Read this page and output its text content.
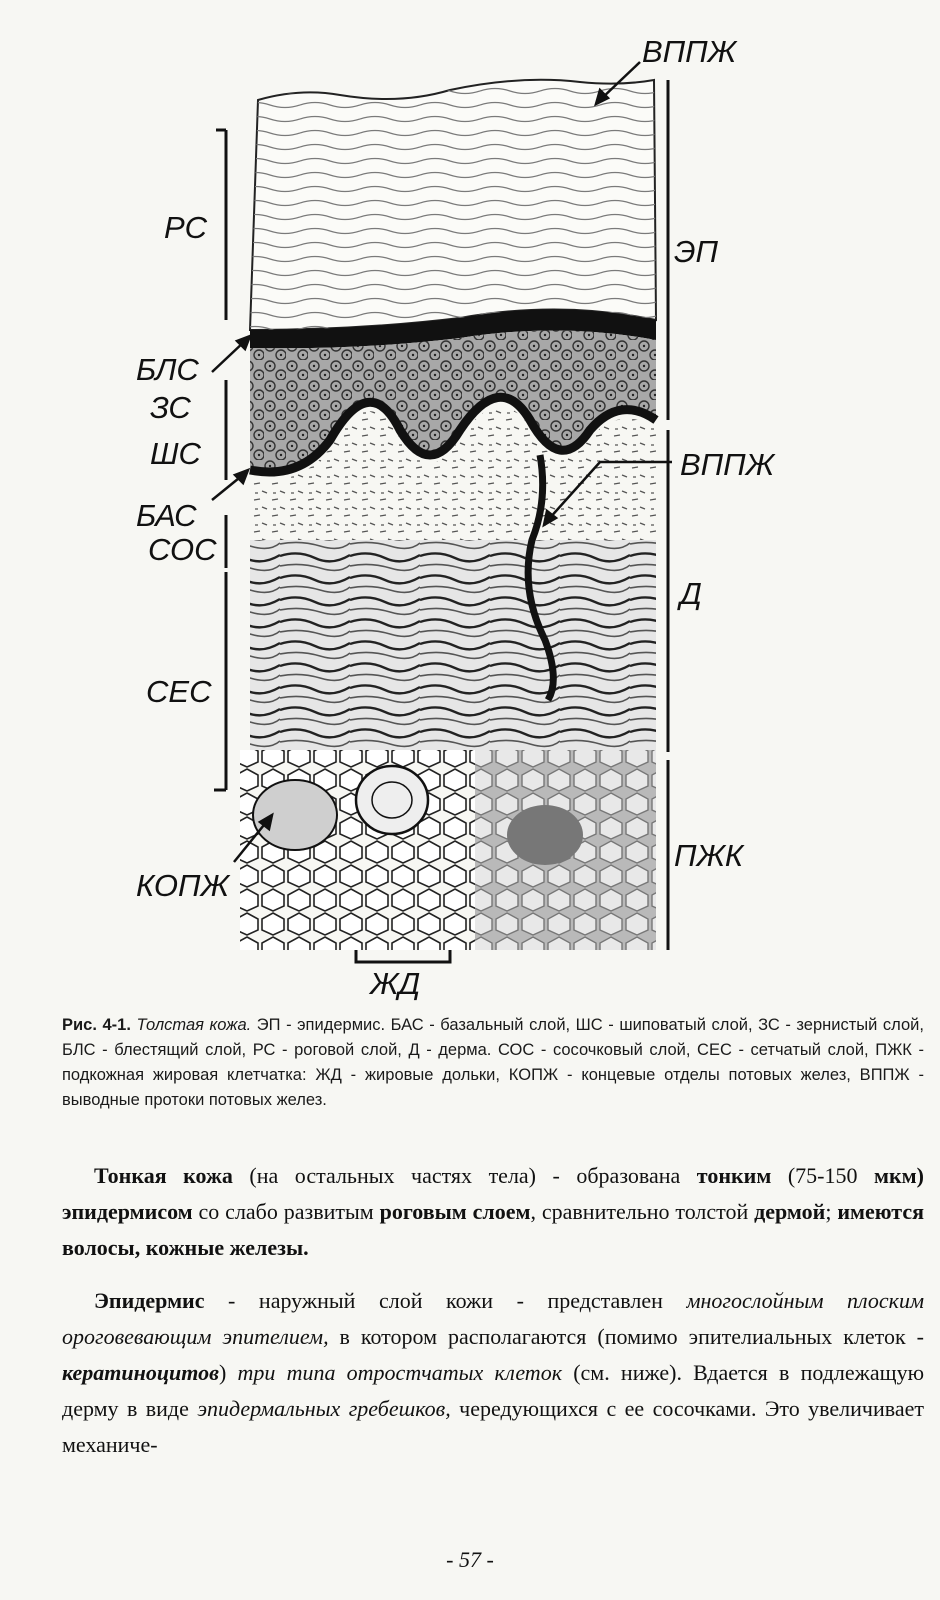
ВППЖ
РС
ЭП
БЛС
ЗС
ШС	ВППЖ
БАС
СОС
Д
СЕС
ПЖК
КОПЖ
ЖД
Рис. 4-1. Толстая кожа. ЭП - эпидермис. БАС - базальный слой, ШС - шиповатый слой, ЗС - зернистый слой, БЛС - блестящий слой, РС - роговой слой, Д - дерма. СОС - сосочковый слой, СЕС - сетчатый слой, ПЖК - подкожная жировая клетчатка: ЖД - жировые дольки, КОПЖ - концевые отделы потовых желез, ВППЖ - выводные протоки потовых желез.
Тонкая кожа (на остальных частях тела) - образована тонким (75-150 мкм) эпидермисом со слабо развитым роговым слоем, сравнительно толстой дермой; имеются волосы, кожные железы.
Эпидермис - наружный слой кожи - представлен многослойным плоским ороговевающим эпителием, в котором располагаются (помимо эпителиальных клеток - кератиноцитов) три типа отростчатых клеток (см. ниже). Вдается в подлежащую дерму в виде эпидермальных гребешков, чередующихся с ее сосочками. Это увеличивает механиче-
- 57 -
